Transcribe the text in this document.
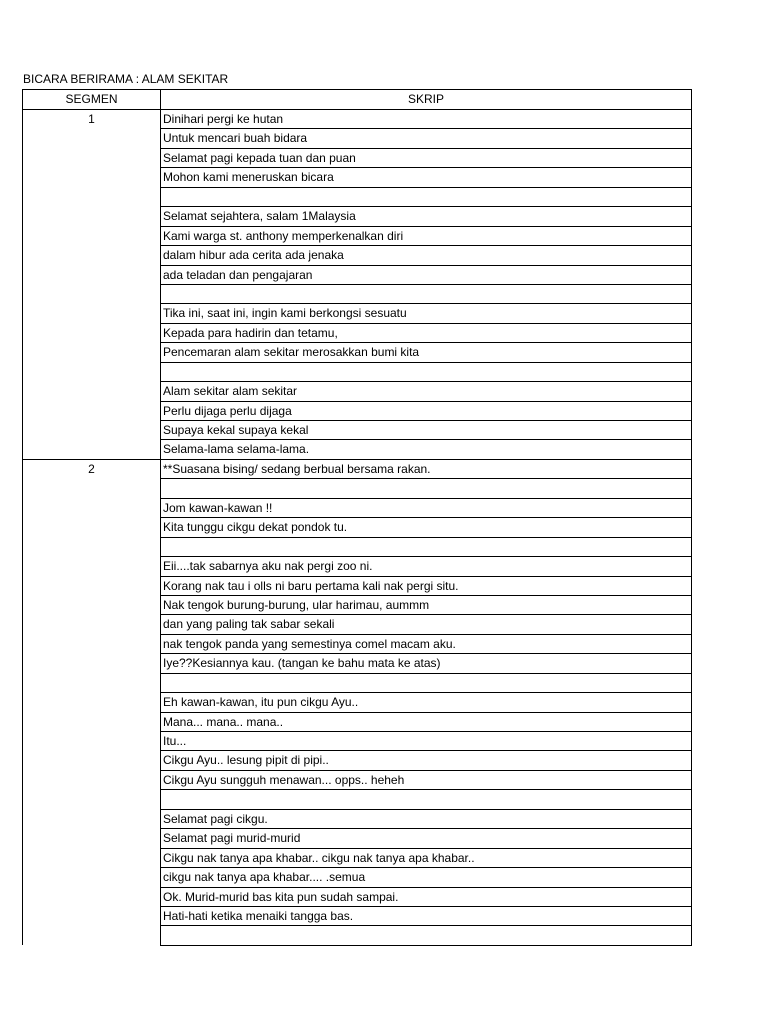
BICARA BERIRAMA : ALAM SEKITAR
SEGMEN	SKRIP
1	Dinihari pergi ke hutan
	Untuk mencari buah bidara
	Selamat pagi kepada tuan dan puan
	Mohon kami meneruskan bicara

	Selamat sejahtera, salam 1Malaysia
	Kami warga st. anthony memperkenalkan diri
	dalam hibur ada cerita ada jenaka
	ada teladan dan pengajaran

	Tika ini, saat ini, ingin kami berkongsi sesuatu
	Kepada para hadirin dan tetamu,
	Pencemaran alam sekitar merosakkan bumi kita

	Alam sekitar alam sekitar
	Perlu dijaga perlu dijaga
	Supaya kekal supaya kekal
	Selama-lama selama-lama.
2	**Suasana bising/ sedang berbual bersama rakan.

	Jom kawan-kawan !!
	Kita tunggu cikgu dekat pondok tu.

	Eii....tak sabarnya aku nak pergi zoo ni.
	Korang nak tau i olls ni baru pertama kali nak pergi situ.
	Nak tengok burung-burung, ular harimau, aummm
	dan yang paling tak sabar sekali
	nak tengok panda yang semestinya comel macam aku.
	Iye??Kesiannya kau. (tangan ke bahu mata ke atas)

	Eh kawan-kawan, itu pun cikgu Ayu..
	Mana... mana.. mana..
	Itu...
	Cikgu Ayu.. lesung pipit di pipi..
	Cikgu Ayu sungguh menawan... opps.. heheh

	Selamat pagi cikgu.
	Selamat pagi murid-murid
	Cikgu nak tanya apa khabar.. cikgu nak tanya apa khabar..
	cikgu nak tanya apa khabar.... .semua
	Ok. Murid-murid bas kita pun sudah sampai.
	Hati-hati ketika menaiki tangga bas.
